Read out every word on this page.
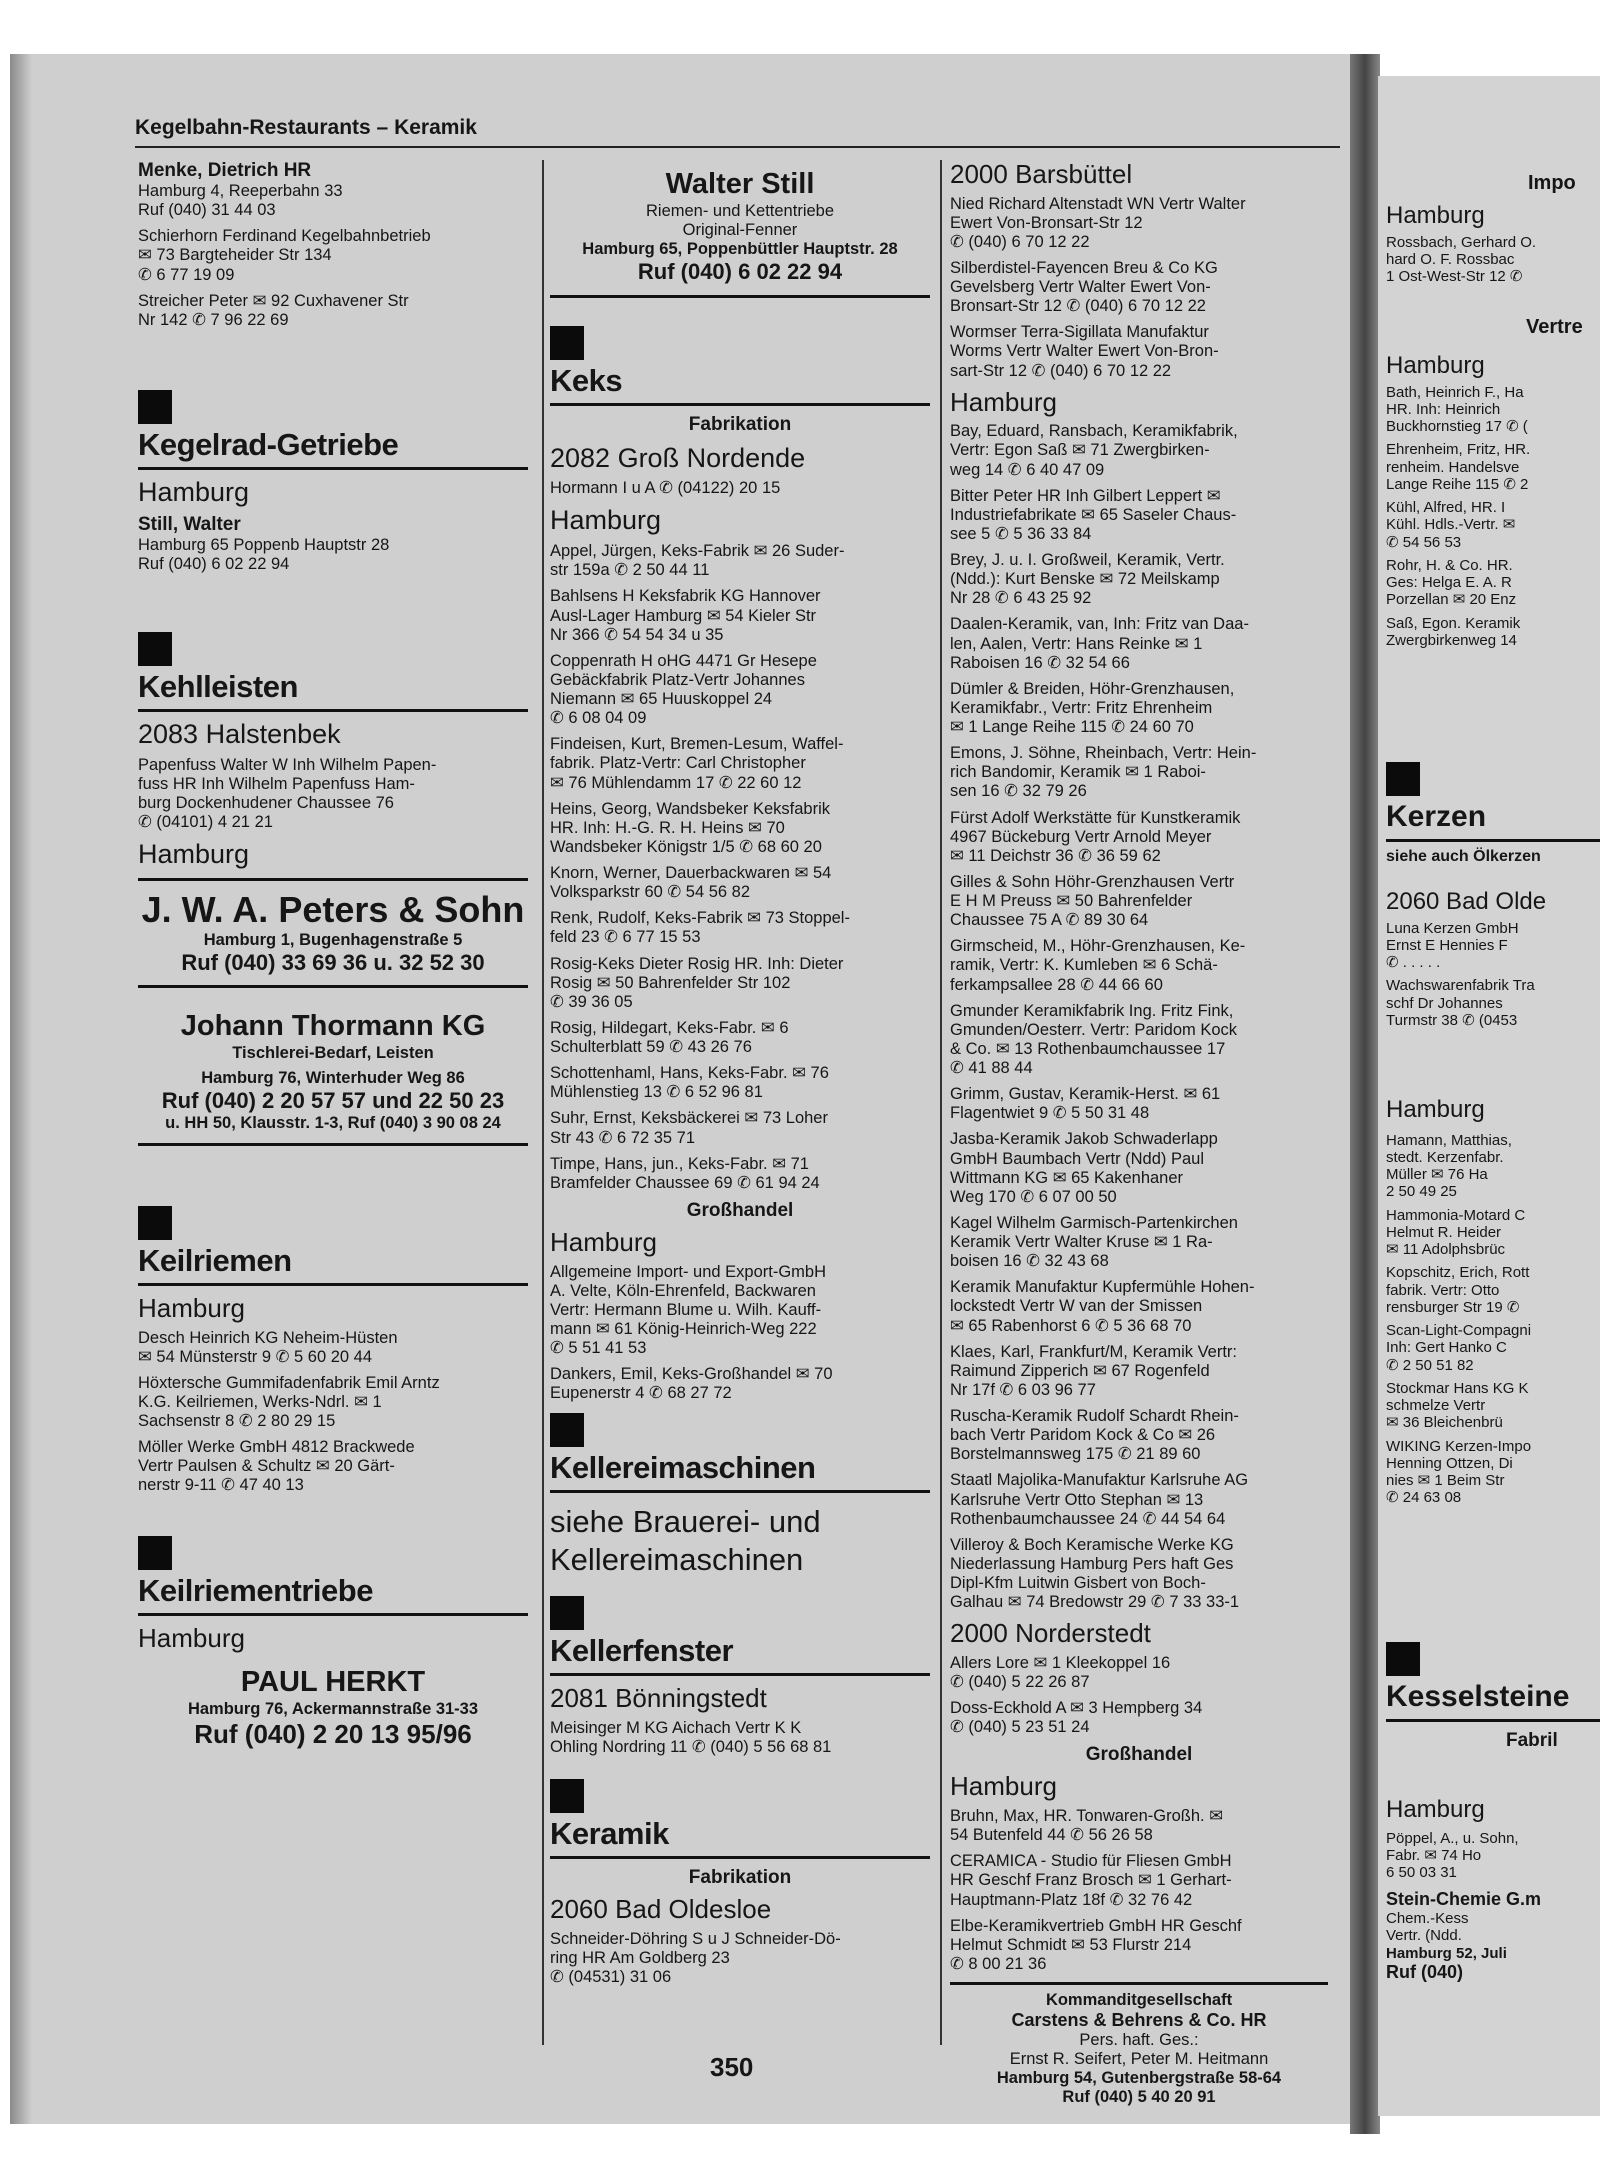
Impo

Hamburg

Rossbach, Gerhard O.
hard O. F. Rossbac
1 Ost-West-Str 12 ✆
Vertre

Hamburg

Bath, Heinrich F., Ha
HR. Inh: Heinrich
Buckhornstieg 17 ✆ (
Ehrenheim, Fritz, HR.
renheim. Handelsve
Lange Reihe 115 ✆ 2
Kühl, Alfred, HR. I
Kühl. Hdls.-Vertr. ✉
✆ 54 56 53
Rohr, H. & Co. HR.
Ges: Helga E. A. R
Porzellan ✉ 20 Enz
Saß, Egon. Keramik
Zwergbirkenweg 14
Kerzen
siehe auch Ölkerzen

2060 Bad Olde

Luna Kerzen GmbH
Ernst E Hennies F
✆ . . . . .
Wachswarenfabrik Tra
schf Dr Johannes
Turmstr 38 ✆ (0453

Hamburg

Hamann, Matthias,
stedt. Kerzenfabr.
Müller ✉ 76 Ha
2 50 49 25
Hammonia-Motard C
Helmut R. Heider
✉ 11 Adolphsbrüc
Kopschitz, Erich, Rott
fabrik. Vertr: Otto
rensburger Str 19 ✆
Scan-Light-Compagni
Inh: Gert Hanko C
✆ 2 50 51 82
Stockmar Hans KG K
schmelze Vertr
✉ 36 Bleichenbrü
WIKING Kerzen-Impo
Henning Ottzen, Di
nies ✉ 1 Beim Str
✆ 24 63 08
Kesselsteine
Fabril

Hamburg

Pöppel, A., u. Sohn,
Fabr. ✉ 74 Ho
6 50 03 31
Stein-Chemie G.m
Chem.-Kess
Vertr. (Ndd.
Hamburg 52, Juli
Ruf (040)
Kegelbahn-Restaurants – Keramik
Menke, Dietrich HR
Hamburg 4, Reeperbahn 33
Ruf (040) 31 44 03
Schierhorn Ferdinand Kegelbahnbetrieb
✉ 73 Bargteheider Str 134
✆ 6 77 19 09
Streicher Peter ✉ 92 Cuxhavener Str
Nr 142 ✆ 7 96 22 69
Kegelrad-Getriebe
Hamburg
Still, Walter
Hamburg 65 Poppenb Hauptstr 28
Ruf (040) 6 02 22 94
Kehlleisten
2083 Halstenbek
Papenfuss Walter W Inh Wilhelm Papen-
fuss HR Inh Wilhelm Papenfuss Ham-
burg Dockenhudener Chaussee 76
✆ (04101) 4 21 21
Hamburg
J. W. A. Peters & Sohn
Hamburg 1, Bugenhagenstraße 5
Ruf (040) 33 69 36 u. 32 52 30
Johann Thormann KG
Tischlerei-Bedarf, Leisten
Hamburg 76, Winterhuder Weg 86
Ruf (040) 2 20 57 57 und 22 50 23
u. HH 50, Klausstr. 1-3, Ruf (040) 3 90 08 24
Keilriemen
Hamburg
Desch Heinrich KG Neheim-Hüsten
✉ 54 Münsterstr 9 ✆ 5 60 20 44
Höxtersche Gummifadenfabrik Emil Arntz
K.G. Keilriemen, Werks-Ndrl. ✉ 1
Sachsenstr 8 ✆ 2 80 29 15
Möller Werke GmbH 4812 Brackwede
Vertr Paulsen & Schultz ✉ 20 Gärt-
nerstr 9-11 ✆ 47 40 13
Keilriementriebe
Hamburg
PAUL HERKT
Hamburg 76, Ackermannstraße 31-33
Ruf (040) 2 20 13 95/96
Walter Still
Riemen- und Kettentriebe
Original-Fenner
Hamburg 65, Poppenbüttler Hauptstr. 28
Ruf (040) 6 02 22 94
Keks
Fabrikation
2082 Groß Nordende

Hormann I u A ✆ (04122) 20 15

Hamburg
Appel, Jürgen, Keks-Fabrik ✉ 26 Suder-
str 159a ✆ 2 50 44 11
Bahlsens H Keksfabrik KG Hannover
Ausl-Lager Hamburg ✉ 54 Kieler Str
Nr 366 ✆ 54 54 34 u 35
Coppenrath H oHG 4471 Gr Hesepe
Gebäckfabrik Platz-Vertr Johannes
Niemann ✉ 65 Huuskoppel 24
✆ 6 08 04 09
Findeisen, Kurt, Bremen-Lesum, Waffel-
fabrik. Platz-Vertr: Carl Christopher
✉ 76 Mühlendamm 17 ✆ 22 60 12
Heins, Georg, Wandsbeker Keksfabrik
HR. Inh: H.-G. R. H. Heins ✉ 70
Wandsbeker Königstr 1/5 ✆ 68 60 20
Knorn, Werner, Dauerbackwaren ✉ 54
Volksparkstr 60 ✆ 54 56 82
Renk, Rudolf, Keks-Fabrik ✉ 73 Stoppel-
feld 23 ✆ 6 77 15 53
Rosig-Keks Dieter Rosig HR. Inh: Dieter
Rosig ✉ 50 Bahrenfelder Str 102
✆ 39 36 05
Rosig, Hildegart, Keks-Fabr. ✉ 6
Schulterblatt 59 ✆ 43 26 76
Schottenhaml, Hans, Keks-Fabr. ✉ 76
Mühlenstieg 13 ✆ 6 52 96 81
Suhr, Ernst, Keksbäckerei ✉ 73 Loher
Str 43 ✆ 6 72 35 71
Timpe, Hans, jun., Keks-Fabr. ✉ 71
Bramfelder Chaussee 69 ✆ 61 94 24
Großhandel
Hamburg
Allgemeine Import- und Export-GmbH
A. Velte, Köln-Ehrenfeld, Backwaren
Vertr: Hermann Blume u. Wilh. Kauff-
mann ✉ 61 König-Heinrich-Weg 222
✆ 5 51 41 53
Dankers, Emil, Keks-Großhandel ✉ 70
Eupenerstr 4 ✆ 68 27 72
Kellereimaschinen
siehe Brauerei- und
Kellereimaschinen
Kellerfenster
2081 Bönningstedt
Meisinger M KG Aichach Vertr K K
Ohling Nordring 11 ✆ (040) 5 56 68 81
Keramik
Fabrikation
2060 Bad Oldesloe
Schneider-Döhring S u J Schneider-Dö-
ring HR Am Goldberg 23
✆ (04531) 31 06
2000 Barsbüttel
Nied Richard Altenstadt WN Vertr Walter
Ewert Von-Bronsart-Str 12
✆ (040) 6 70 12 22
Silberdistel-Fayencen Breu & Co KG
Gevelsberg Vertr Walter Ewert Von-
Bronsart-Str 12 ✆ (040) 6 70 12 22
Wormser Terra-Sigillata Manufaktur
Worms Vertr Walter Ewert Von-Bron-
sart-Str 12 ✆ (040) 6 70 12 22
Hamburg
Bay, Eduard, Ransbach, Keramikfabrik,
Vertr: Egon Saß ✉ 71 Zwergbirken-
weg 14 ✆ 6 40 47 09
Bitter Peter HR Inh Gilbert Leppert ✉
Industriefabrikate ✉ 65 Saseler Chaus-
see 5 ✆ 5 36 33 84
Brey, J. u. I. Großweil, Keramik, Vertr.
(Ndd.): Kurt Benske ✉ 72 Meilskamp
Nr 28 ✆ 6 43 25 92
Daalen-Keramik, van, Inh: Fritz van Daa-
len, Aalen, Vertr: Hans Reinke ✉ 1
Raboisen 16 ✆ 32 54 66
Dümler & Breiden, Höhr-Grenzhausen,
Keramikfabr., Vertr: Fritz Ehrenheim
✉ 1 Lange Reihe 115 ✆ 24 60 70
Emons, J. Söhne, Rheinbach, Vertr: Hein-
rich Bandomir, Keramik ✉ 1 Raboi-
sen 16 ✆ 32 79 26
Fürst Adolf Werkstätte für Kunstkeramik
4967 Bückeburg Vertr Arnold Meyer
✉ 11 Deichstr 36 ✆ 36 59 62
Gilles & Sohn Höhr-Grenzhausen Vertr
E H M Preuss ✉ 50 Bahrenfelder
Chaussee 75 A ✆ 89 30 64
Girmscheid, M., Höhr-Grenzhausen, Ke-
ramik, Vertr: K. Kumleben ✉ 6 Schä-
ferkampsallee 28 ✆ 44 66 60
Gmunder Keramikfabrik Ing. Fritz Fink,
Gmunden/Oesterr. Vertr: Paridom Kock
& Co. ✉ 13 Rothenbaumchaussee 17
✆ 41 88 44
Grimm, Gustav, Keramik-Herst. ✉ 61
Flagentwiet 9 ✆ 5 50 31 48
Jasba-Keramik Jakob Schwaderlapp
GmbH Baumbach Vertr (Ndd) Paul
Wittmann KG ✉ 65 Kakenhaner
Weg 170 ✆ 6 07 00 50
Kagel Wilhelm Garmisch-Partenkirchen
Keramik Vertr Walter Kruse ✉ 1 Ra-
boisen 16 ✆ 32 43 68
Keramik Manufaktur Kupfermühle Hohen-
lockstedt Vertr W van der Smissen
✉ 65 Rabenhorst 6 ✆ 5 36 68 70
Klaes, Karl, Frankfurt/M, Keramik Vertr:
Raimund Zipperich ✉ 67 Rogenfeld
Nr 17f ✆ 6 03 96 77
Ruscha-Keramik Rudolf Schardt Rhein-
bach Vertr Paridom Kock & Co ✉ 26
Borstelmannsweg 175 ✆ 21 89 60
Staatl Majolika-Manufaktur Karlsruhe AG
Karlsruhe Vertr Otto Stephan ✉ 13
Rothenbaumchaussee 24 ✆ 44 54 64
Villeroy & Boch Keramische Werke KG
Niederlassung Hamburg Pers haft Ges
Dipl-Kfm Luitwin Gisbert von Boch-
Galhau ✉ 74 Bredowstr 29 ✆ 7 33 33-1
2000 Norderstedt
Allers Lore ✉ 1 Kleekoppel 16
✆ (040) 5 22 26 87
Doss-Eckhold A ✉ 3 Hempberg 34
✆ (040) 5 23 51 24
Großhandel
Hamburg
Bruhn, Max, HR. Tonwaren-Großh. ✉
54 Butenfeld 44 ✆ 56 26 58
CERAMICA - Studio für Fliesen GmbH
HR Geschf Franz Brosch ✉ 1 Gerhart-
Hauptmann-Platz 18f ✆ 32 76 42
Elbe-Keramikvertrieb GmbH HR Geschf
Helmut Schmidt ✉ 53 Flurstr 214
✆ 8 00 21 36
Kommanditgesellschaft
Carstens & Behrens & Co. HR
Pers. haft. Ges.:
Ernst R. Seifert, Peter M. Heitmann
Hamburg 54, Gutenbergstraße 58-64
Ruf (040) 5 40 20 91
350
